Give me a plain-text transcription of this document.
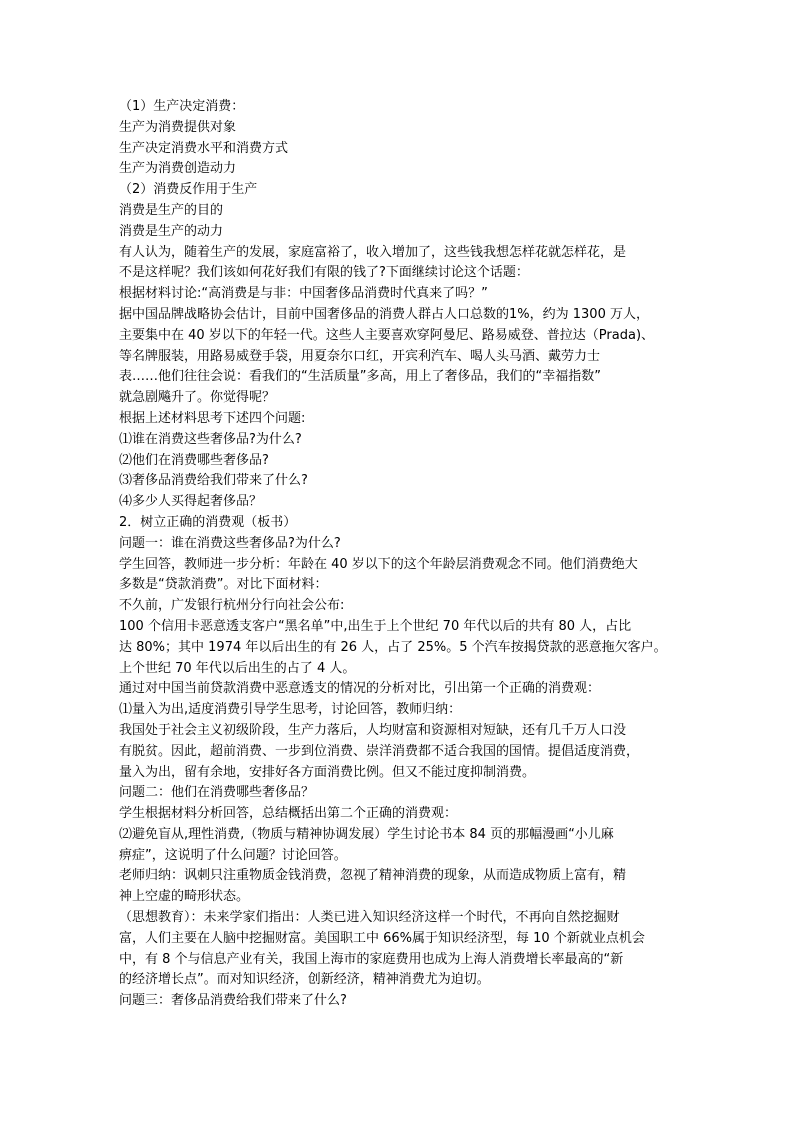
（1）生产决定消费：
生产为消费提供对象
生产决定消费水平和消费方式
生产为消费创造动力
（2）消费反作用于生产
消费是生产的目的
消费是生产的动力
有人认为，随着生产的发展，家庭富裕了，收入增加了，这些钱我想怎样花就怎样花，是
不是这样呢？我们该如何花好我们有限的钱了?下面继续讨论这个话题：
根据材料讨论:“高消费是与非：中国奢侈品消费时代真来了吗？”
据中国品牌战略协会估计，目前中国奢侈品的消费人群占人口总数的1%，约为 1300 万人，
主要集中在 40 岁以下的年轻一代。这些人主要喜欢穿阿曼尼、路易威登、普拉达（Prada)、
等名牌服装，用路易威登手袋，用夏奈尔口红，开宾利汽车、喝人头马酒、戴劳力士
表……他们往往会说：看我们的“生活质量”多高，用上了奢侈品，我们的“幸福指数”
就急剧飚升了。你觉得呢？
根据上述材料思考下述四个问题:
⑴谁在消费这些奢侈品?为什么?
⑵他们在消费哪些奢侈品?
⑶奢侈品消费给我们带来了什么?
⑷多少人买得起奢侈品？
2．树立正确的消费观（板书）
问题一：谁在消费这些奢侈品?为什么?
学生回答，教师进一步分析：年龄在 40 岁以下的这个年龄层消费观念不同。他们消费绝大
多数是“贷款消费”。对比下面材料：
不久前，广发银行杭州分行向社会公布:
100 个信用卡恶意透支客户“黑名单”中,出生于上个世纪 70 年代以后的共有 80 人，占比
达 80%；其中 1974 年以后出生的有 26 人，占了 25%。5 个汽车按揭贷款的恶意拖欠客户。
上个世纪 70 年代以后出生的占了 4 人。
通过对中国当前贷款消费中恶意透支的情况的分析对比，引出第一个正确的消费观：
⑴量入为出,适度消费引导学生思考，讨论回答，教师归纳：
我国处于社会主义初级阶段，生产力落后，人均财富和资源相对短缺，还有几千万人口没
有脱贫。因此，超前消费、一步到位消费、崇洋消费都不适合我国的国情。提倡适度消费，
量入为出，留有余地，安排好各方面消费比例。但又不能过度抑制消费。
问题二：他们在消费哪些奢侈品？
学生根据材料分析回答，总结概括出第二个正确的消费观：
⑵避免盲从,理性消费,（物质与精神协调发展）学生讨论书本 84 页的那幅漫画“小儿麻
痹症”，这说明了什么问题？讨论回答。
老师归纳：讽刺只注重物质金钱消费，忽视了精神消费的现象，从而造成物质上富有，精
神上空虚的畸形状态。
（思想教育）：未来学家们指出：人类已进入知识经济这样一个时代，不再向自然挖掘财
富，人们主要在人脑中挖掘财富。美国职工中 66%属于知识经济型，每 10 个新就业点机会
中，有 8 个与信息产业有关，我国上海市的家庭费用也成为上海人消费增长率最高的“新
的经济增长点”。而对知识经济，创新经济，精神消费尤为迫切。
问题三：奢侈品消费给我们带来了什么?
